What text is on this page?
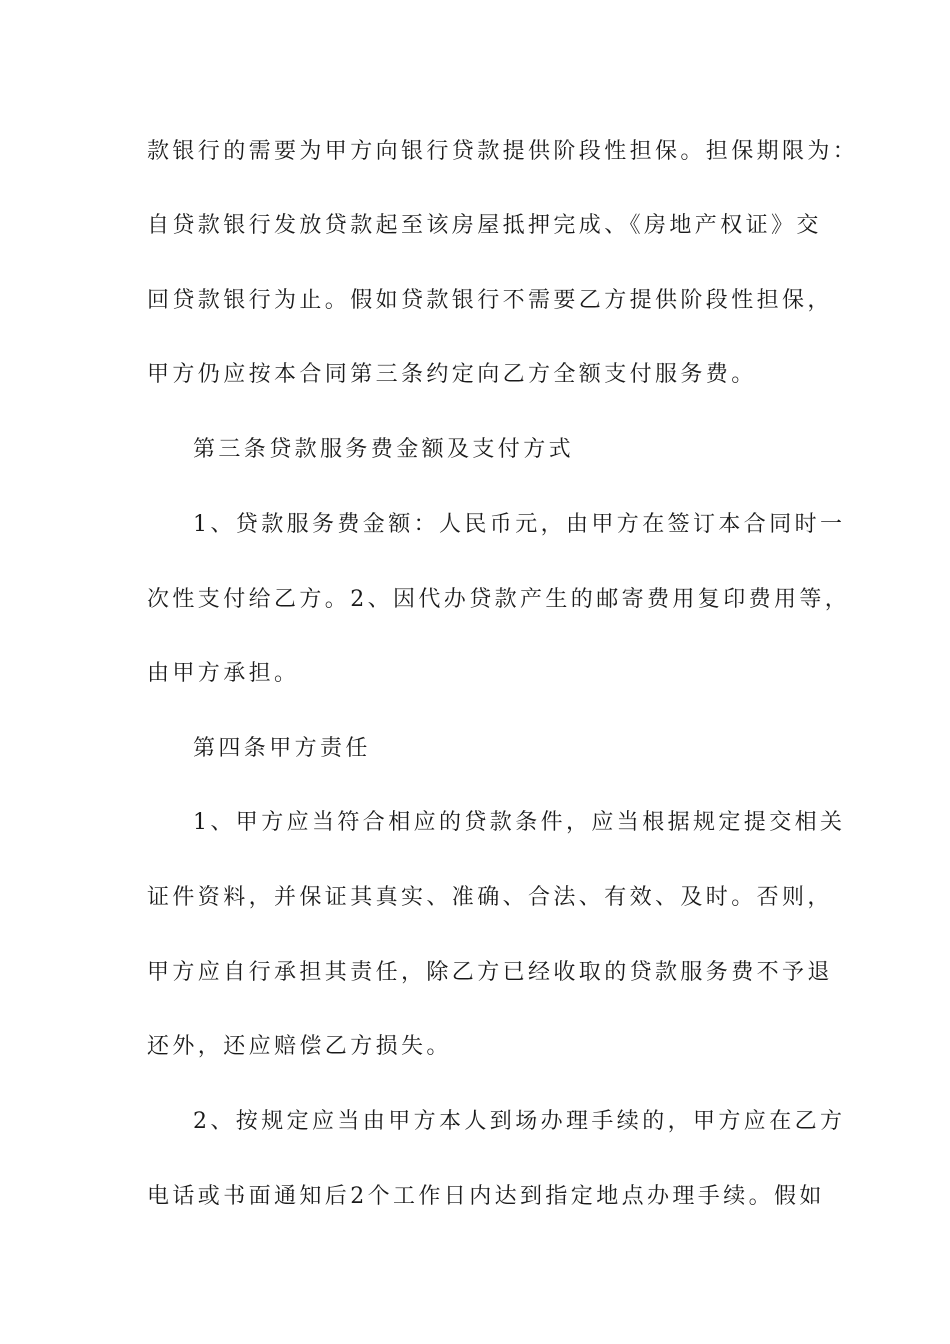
款银行的需要为甲方向银行贷款提供阶段性担保。担保期限为：
自贷款银行发放贷款起至该房屋抵押完成、《房地产权证》交
回贷款银行为止。假如贷款银行不需要乙方提供阶段性担保，
甲方仍应按本合同第三条约定向乙方全额支付服务费。
第三条贷款服务费金额及支付方式
1、贷款服务费金额：人民币元，由甲方在签订本合同时一
次性支付给乙方。2、因代办贷款产生的邮寄费用复印费用等，
由甲方承担。
第四条甲方责任
1、甲方应当符合相应的贷款条件，应当根据规定提交相关
证件资料，并保证其真实、准确、合法、有效、及时。否则，
甲方应自行承担其责任，除乙方已经收取的贷款服务费不予退
还外，还应赔偿乙方损失。
2、按规定应当由甲方本人到场办理手续的，甲方应在乙方
电话或书面通知后2个工作日内达到指定地点办理手续。假如
